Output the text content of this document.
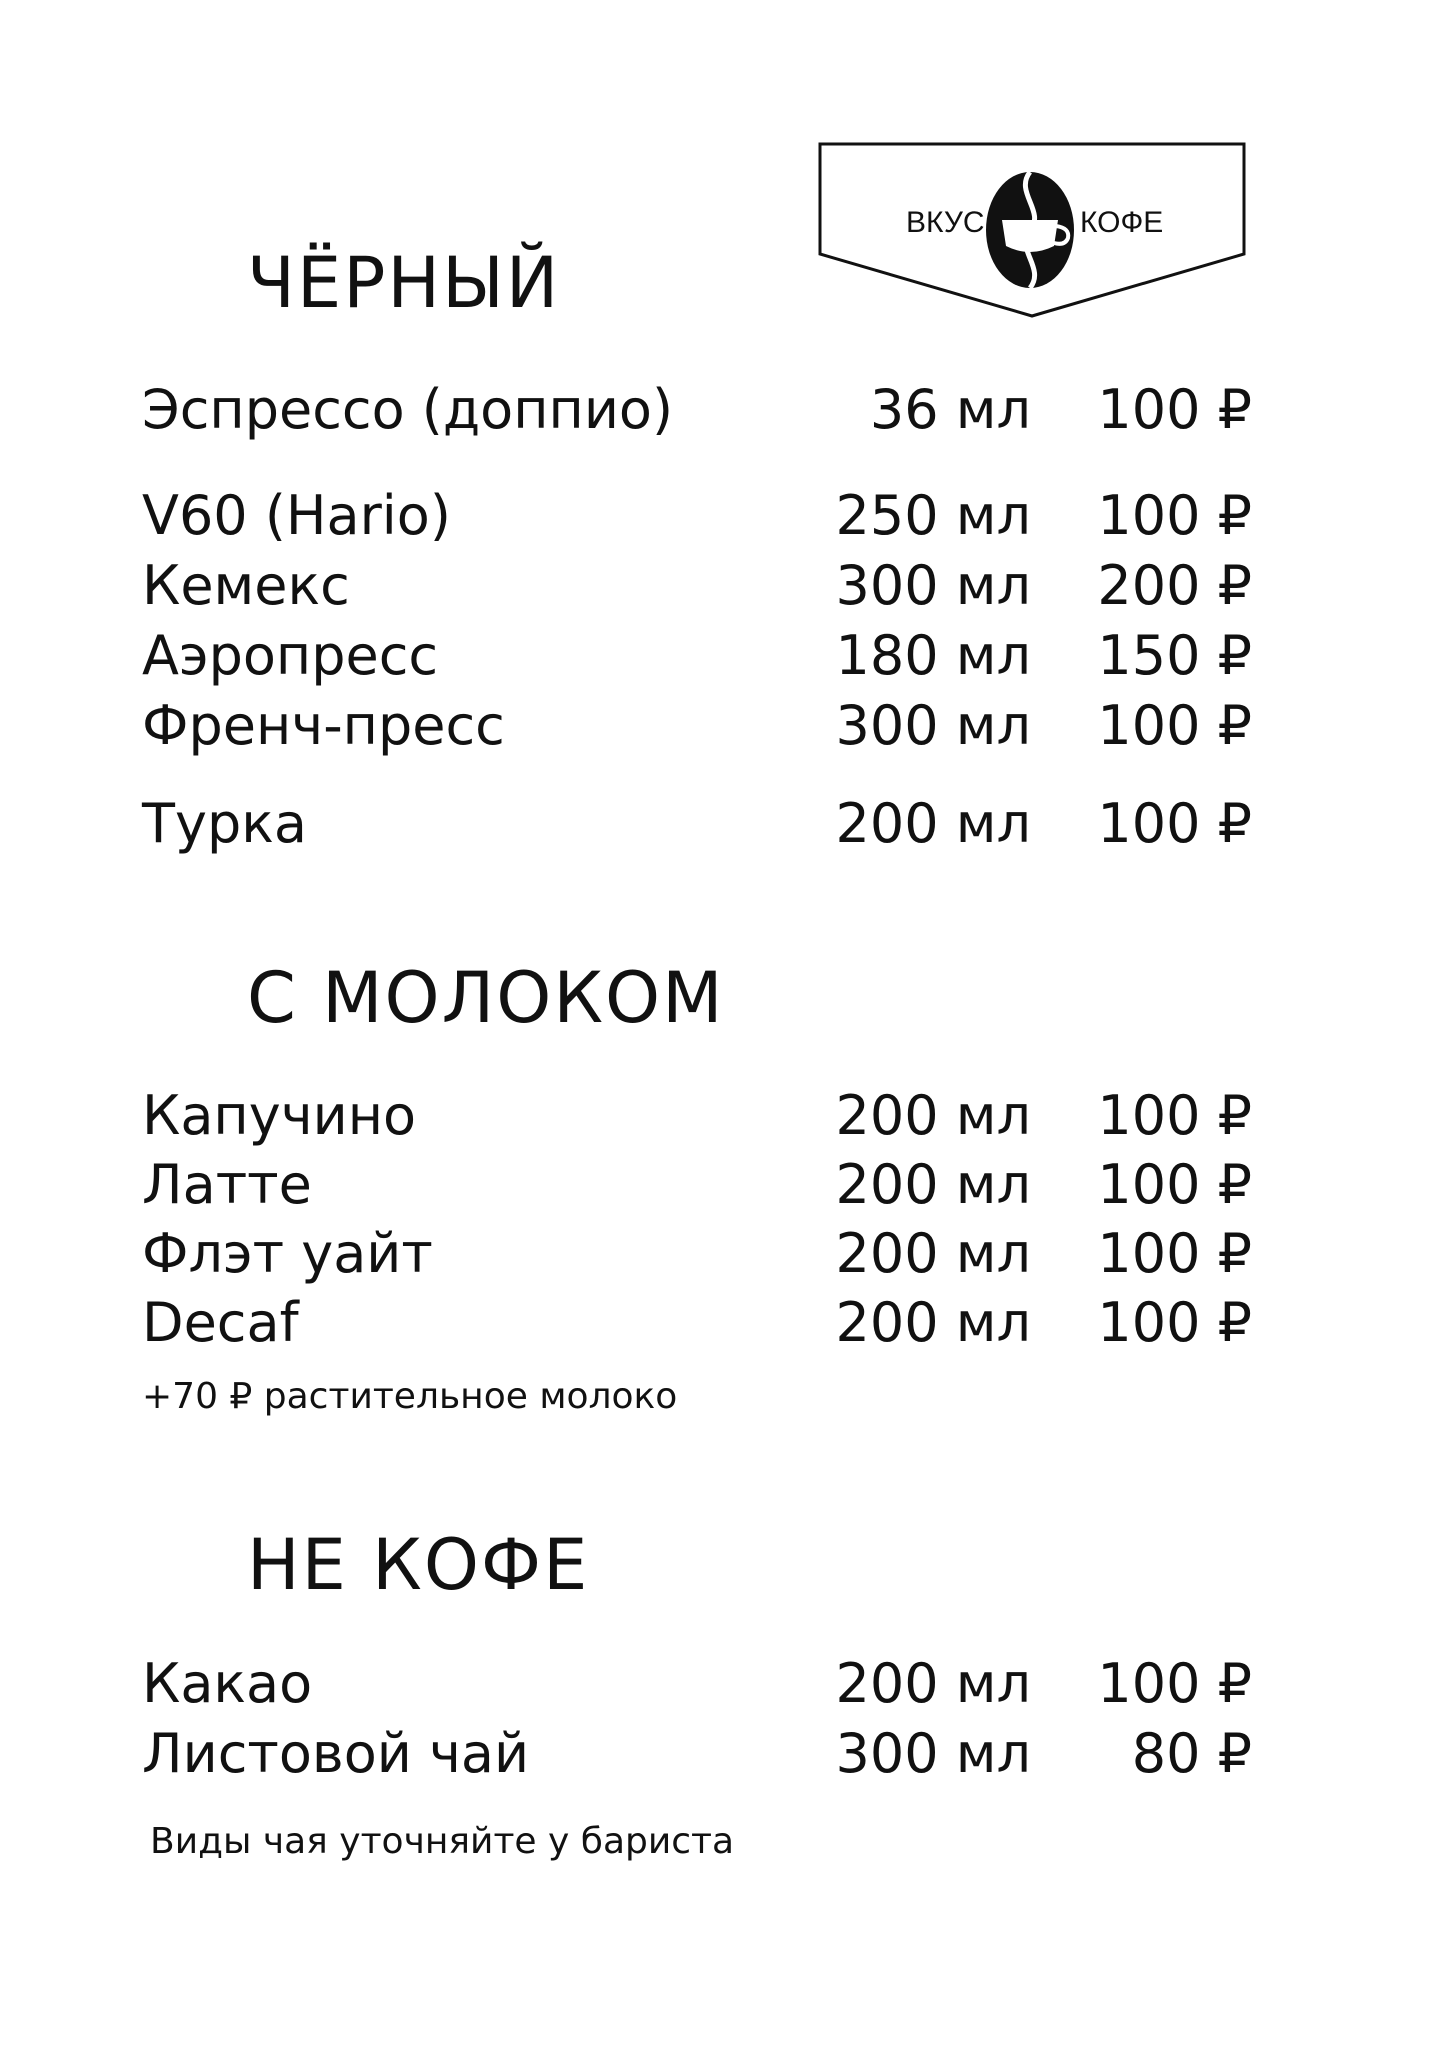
ВКУС	КОФЕ
ЧЁРНЫЙ
Эспрессо (доппио)	36 мл 100 ₽
V60 (Hario)	250 мл 100 ₽
Кемекс	300 мл 200 ₽
Аэропресс	180 мл 150 ₽
Френч-пресс	300 мл 100 ₽
Турка	200 мл 100 ₽
С МОЛОКОМ
Капучино	200 мл 100 ₽
Латте	200 мл 100 ₽
Флэт уайт	200 мл 100 ₽
Decaf	200 мл 100 ₽
+70 ₽ растительное молоко
НЕ КОФЕ
Какао	200 мл 100 ₽
Листовой чай	300 мл 80 ₽
Виды чая уточняйте у бариста
